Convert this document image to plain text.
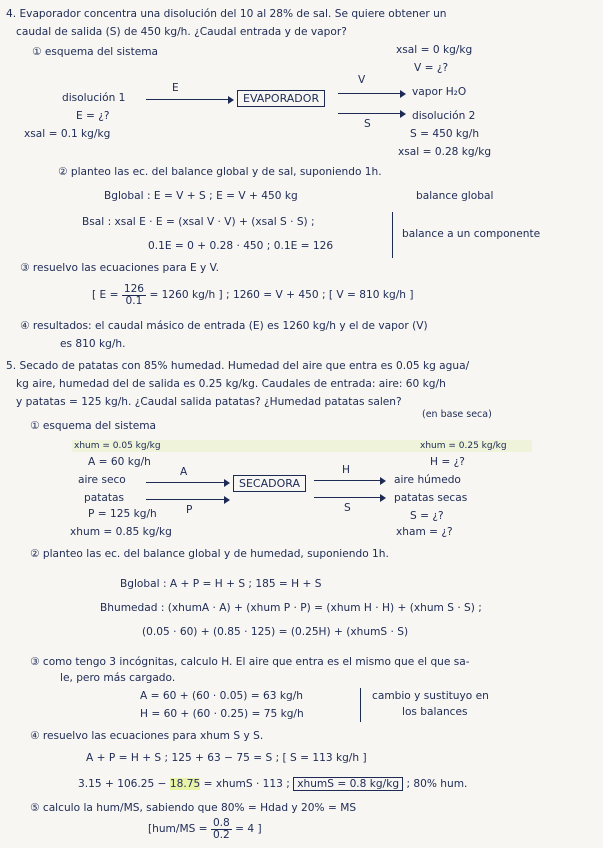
4. Evaporador concentra una disolución del 10 al 28% de sal. Se quiere obtener un
caudal de salida (S) de 450 kg/h. ¿Caudal entrada y de vapor?
① esquema del sistema	xsal = 0 kg/kg
V = ¿?
disolución 1
E
EVAPORADOR
V
vapor H₂O
S
disolución 2
E = ¿?
xsal = 0.1 kg/kg	S = 450 kg/h
xsal = 0.28 kg/kg
② planteo las ec. del balance global y de sal, suponiendo 1h.
Bglobal : E = V + S ; E = V + 450 kg	balance global
Bsal : xsal E · E = (xsal V · V) + (xsal S · S) ;
0.1E = 0 + 0.28 · 450 ; 0.1E = 126
balance a un componente
③ resuelvo las ecuaciones para E y V.
[ $E = \frac{126}{0.1} = 1260$ kg/h ] ; 1260 = V + 450 ; [ V = 810 kg/h ]
④ resultados: el caudal másico de entrada (E) es 1260 kg/h y el de vapor (V)
es 810 kg/h.
5. Secado de patatas con 85% humedad. Humedad del aire que entra es 0.05 kg agua/
kg aire, humedad del de salida es 0.25 kg/kg. Caudales de entrada: aire: 60 kg/h
y patatas = 125 kg/h. ¿Caudal salida patatas? ¿Humedad patatas salen?
(en base seca)
① esquema del sistema
xhum = 0.05 kg/kg
A = 60 kg/h
xhum = 0.25 kg/kg
H = ¿?
aire seco
A
SECADORA
H
aire húmedo
patatas
P	S
patatas secas
P = 125 kg/h	S = ¿?
xhum = 0.85 kg/kg	xham = ¿?
② planteo las ec. del balance global y de humedad, suponiendo 1h.
Bglobal : A + P = H + S ; 185 = H + S
Bhumedad : (xhumA · A) + (xhum P · P) = (xhum H · H) + (xhum S · S) ;
(0.05 · 60) + (0.85 · 125) = (0.25H) + (xhumS · S)
③ como tengo 3 incógnitas, calculo H. El aire que entra es el mismo que el que sa-
le, pero más cargado.
A = 60 + (60 · 0.05) = 63 kg/h
H = 60 + (60 · 0.25) = 75 kg/h
cambio y sustituyo en
los balances
④ resuelvo las ecuaciones para xhum S y S.
A + P = H + S ; 125 + 63 − 75 = S ; [ S = 113 kg/h ]
3.15 + 106.25 − 18.75 = xhumS · 113 ; xhumS = 0.8 kg/kg ; 80% hum.
⑤ calculo la hum/MS, sabiendo que 80% = Hdad y 20% = MS
[$hum/MS = \frac{0.8}{0.2} = 4$ ]
